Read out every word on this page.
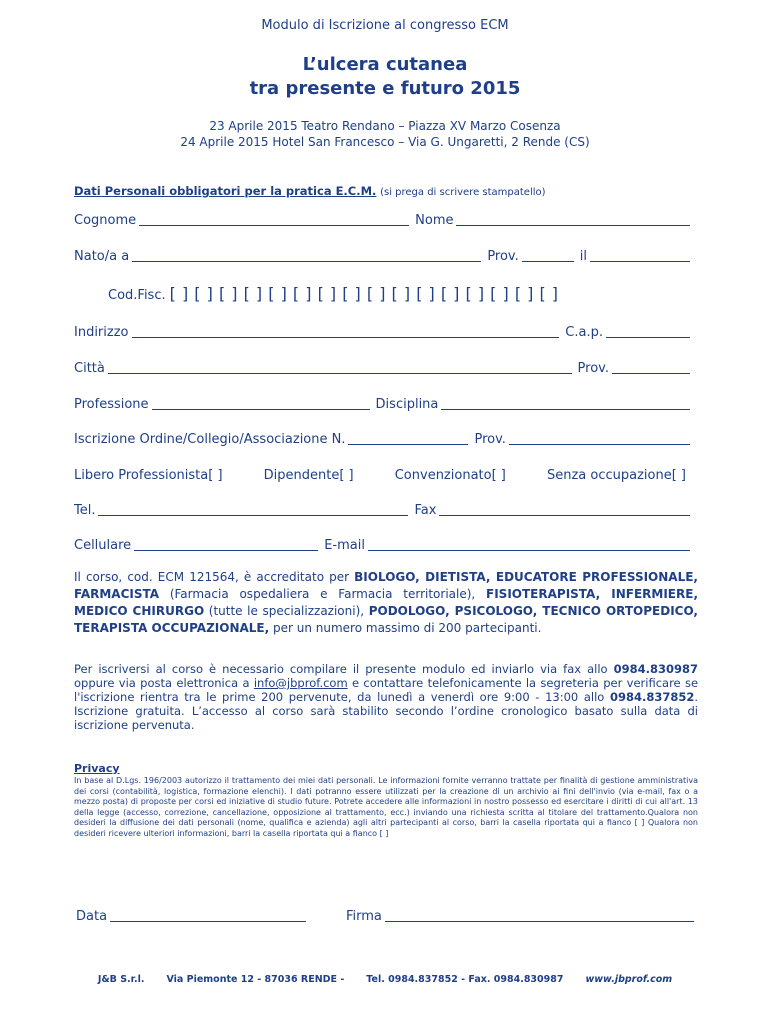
Modulo di Iscrizione al congresso ECM
L’ulcera cutanea
tra presente e futuro 2015
23 Aprile 2015 Teatro Rendano – Piazza XV Marzo Cosenza
24 Aprile 2015 Hotel San Francesco – Via G. Ungaretti, 2 Rende (CS)
Dati Personali obbligatori per la pratica E.C.M. (si prega di scrivere stampatello)
Cognome	Nome
Nato/a a	Prov.	il
Cod.Fisc. [ ] [ ] [ ] [ ] [ ] [ ] [ ] [ ] [ ] [ ] [ ] [ ] [ ] [ ] [ ] [ ]
Indirizzo	C.a.p.
Città	Prov.
Professione	Disciplina
Iscrizione Ordine/Collegio/Associazione N.	Prov.
Libero Professionista[ ]	Dipendente[ ]	Convenzionato[ ]	Senza occupazione[ ]
Tel.	Fax
Cellulare	E-mail
Il corso, cod. ECM 121564, è accreditato per BIOLOGO, DIETISTA, EDUCATORE PROFESSIONALE, FARMACISTA (Farmacia ospedaliera e Farmacia territoriale), FISIOTERAPISTA, INFERMIERE, MEDICO CHIRURGO (tutte le specializzazioni), PODOLOGO, PSICOLOGO, TECNICO ORTOPEDICO, TERAPISTA OCCUPAZIONALE, per un numero massimo di 200 partecipanti.
Per iscriversi al corso è necessario compilare il presente modulo ed inviarlo via fax allo 0984.830987 oppure via posta elettronica a info@jbprof.com e contattare telefonicamente la segreteria per verificare se l'iscrizione rientra tra le prime 200 pervenute, da lunedì a venerdì ore 9:00 - 13:00 allo 0984.837852. Iscrizione gratuita. L’accesso al corso sarà stabilito secondo l’ordine cronologico basato sulla data di iscrizione pervenuta.
Privacy
In base al D.Lgs. 196/2003 autorizzo il trattamento dei miei dati personali. Le informazioni fornite verranno trattate per finalità di gestione amministrativa dei corsi (contabilità, logistica, formazione elenchi). I dati potranno essere utilizzati per la creazione di un archivio ai fini dell'invio (via e-mail, fax o a mezzo posta) di proposte per corsi ed iniziative di studio future. Potrete accedere alle informazioni in nostro possesso ed esercitare i diritti di cui all'art. 13 della legge (accesso, correzione, cancellazione, opposizione al trattamento, ecc.) inviando una richiesta scritta al titolare del trattamento.Qualora non desideri la diffusione dei dati personali (nome, qualifica e azienda) agli altri partecipanti al corso, barri la casella riportata qui a fianco [ ] Qualora non desideri ricevere ulteriori informazioni, barri la casella riportata qui a fianco [ ]
Data	Firma
J&B S.r.l. Via Piemonte 12 - 87036 RENDE - Tel. 0984.837852 - Fax. 0984.830987 www.jbprof.com
